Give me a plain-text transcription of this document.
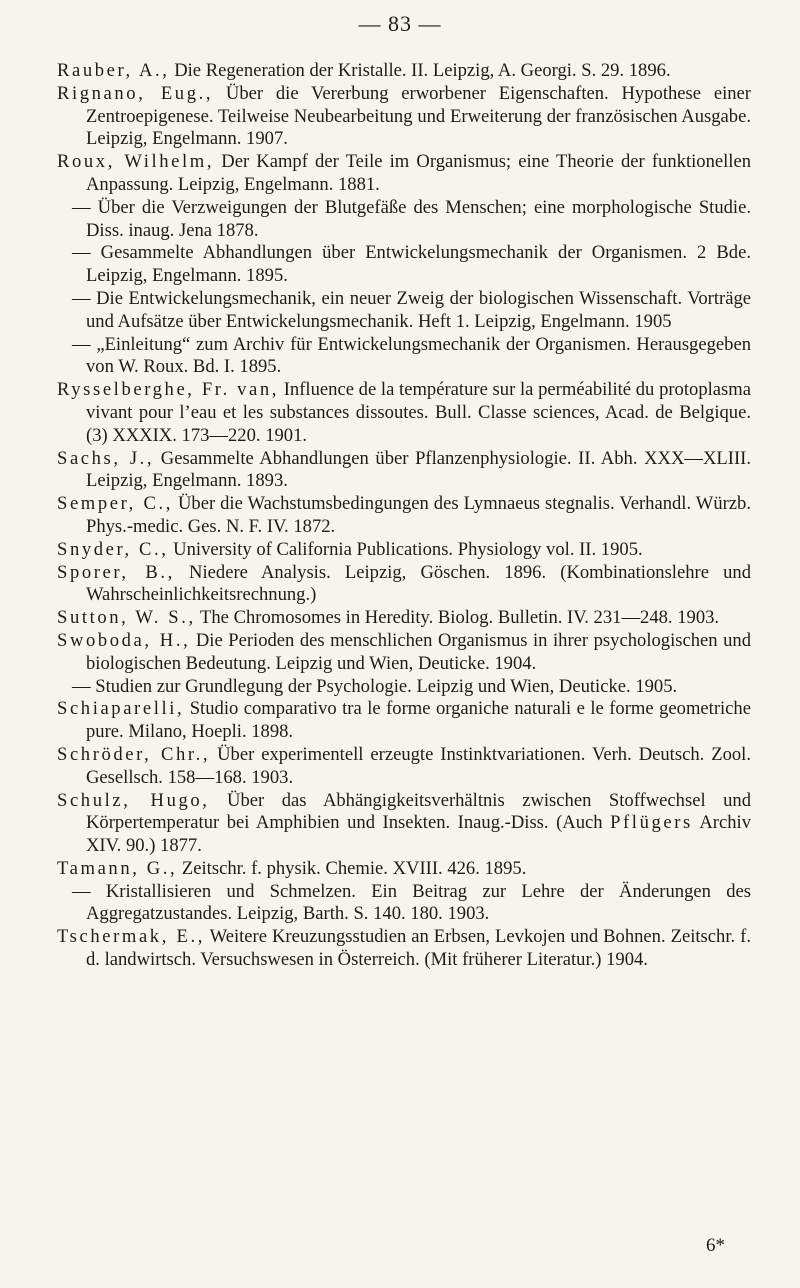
— 83 —
Rauber, A., Die Regeneration der Kristalle. II. Leipzig, A. Georgi. S. 29. 1896.
Rignano, Eug., Über die Vererbung erworbener Eigenschaften. Hypothese einer Zentroepigenese. Teilweise Neubearbeitung und Erweiterung der französischen Ausgabe. Leipzig, Engelmann. 1907.
Roux, Wilhelm, Der Kampf der Teile im Organismus; eine Theorie der funktionellen Anpassung. Leipzig, Engelmann. 1881.
— Über die Verzweigungen der Blutgefäße des Menschen; eine morphologische Studie. Diss. inaug. Jena 1878.
— Gesammelte Abhandlungen über Entwickelungsmechanik der Organismen. 2 Bde. Leipzig, Engelmann. 1895.
— Die Entwickelungsmechanik, ein neuer Zweig der biologischen Wissenschaft. Vorträge und Aufsätze über Entwickelungsmechanik. Heft 1. Leipzig, Engelmann. 1905
— „Einleitung“ zum Archiv für Entwickelungsmechanik der Organismen. Herausgegeben von W. Roux. Bd. I. 1895.
Rysselberghe, Fr. van, Influence de la température sur la perméabilité du protoplasma vivant pour l’eau et les substances dissoutes. Bull. Classe sciences, Acad. de Belgique. (3) XXXIX. 173—220. 1901.
Sachs, J., Gesammelte Abhandlungen über Pflanzenphysiologie. II. Abh. XXX—XLIII. Leipzig, Engelmann. 1893.
Semper, C., Über die Wachstumsbedingungen des Lymnaeus stegnalis. Verhandl. Würzb. Phys.-medic. Ges. N. F. IV. 1872.
Snyder, C., University of California Publications. Physiology vol. II. 1905.
Sporer, B., Niedere Analysis. Leipzig, Göschen. 1896. (Kombinationslehre und Wahrscheinlichkeitsrechnung.)
Sutton, W. S., The Chromosomes in Heredity. Biolog. Bulletin. IV. 231—248. 1903.
Swoboda, H., Die Perioden des menschlichen Organismus in ihrer psychologischen und biologischen Bedeutung. Leipzig und Wien, Deuticke. 1904.
— Studien zur Grundlegung der Psychologie. Leipzig und Wien, Deuticke. 1905.
Schiaparelli, Studio comparativo tra le forme organiche naturali e le forme geometriche pure. Milano, Hoepli. 1898.
Schröder, Chr., Über experimentell erzeugte Instinktvariationen. Verh. Deutsch. Zool. Gesellsch. 158—168. 1903.
Schulz, Hugo, Über das Abhängigkeitsverhältnis zwischen Stoffwechsel und Körpertemperatur bei Amphibien und Insekten. Inaug.-Diss. (Auch Pflügers Archiv XIV. 90.) 1877.
Tamann, G., Zeitschr. f. physik. Chemie. XVIII. 426. 1895.
— Kristallisieren und Schmelzen. Ein Beitrag zur Lehre der Änderungen des Aggregatzustandes. Leipzig, Barth. S. 140. 180. 1903.
Tschermak, E., Weitere Kreuzungsstudien an Erbsen, Levkojen und Bohnen. Zeitschr. f. d. landwirtsch. Versuchswesen in Österreich. (Mit früherer Literatur.) 1904.
6*
